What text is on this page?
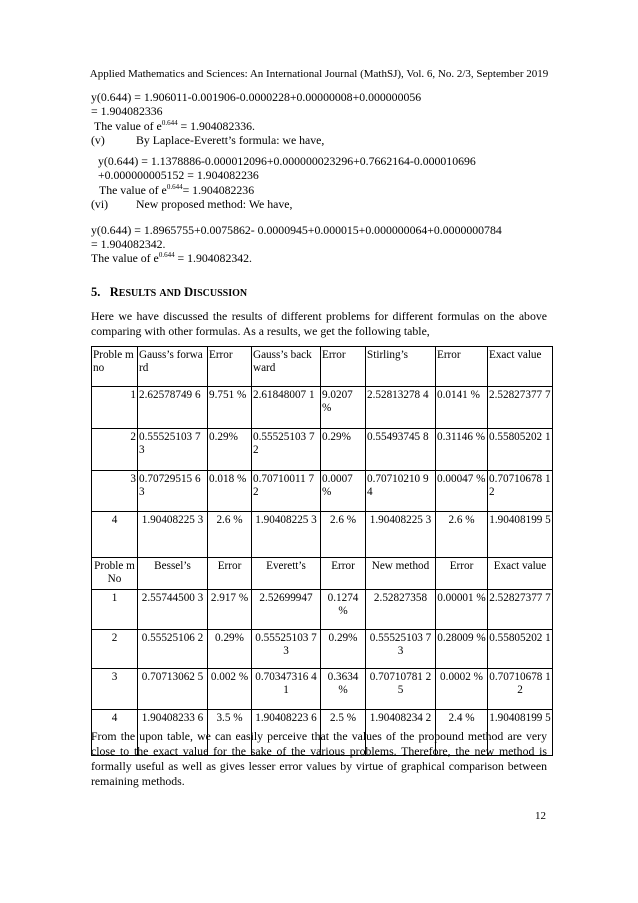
Applied Mathematics and Sciences: An International Journal (MathSJ), Vol. 6, No. 2/3, September 2019
y(0.644) = 1.906011-0.001906-0.0000228+0.00000008+0.000000056
= 1.904082336
The value of $e^{0.644} = 1.904082336$.
(v)	By Laplace-Everett’s formula: we have,
y(0.644) = 1.1378886-0.000012096+0.000000023296+0.7662164-0.000010696
+0.000000005152 = 1.904082236
The value of $e^{0.644}= 1.904082236$
(vi) New proposed method: We have,
y(0.644) = 1.8965755+0.0075862- 0.0000945+0.000015+0.000000064+0.0000000784
= 1.904082342.
The value of $e^{0.644} = 1.904082342$.
5. RESULTS AND DISCUSSION
Here we have discussed the results of different problems for different formulas on the above comparing with other formulas. As a results, we get the following table,
Proble m no	Gauss’s forward	Error	Gauss’s backward	Error	Stirling’s	Error	Exact value
1	2.62578749 6	9.751 %	2.61848007 1	9.0207 %	2.52813278 4	0.0141 %	2.52827377 7
2	0.55525103 73	0.29%	0.55525103 72	0.29%	0.55493745 8	0.31146 %	0.55805202 1
3	0.70729515 63	0.018 %	0.70710011 72	0.0007 %	0.70710210 94	0.00047 %	0.70710678 12
4	1.90408225 3	2.6 %	1.90408225 3	2.6 %	1.90408225 3	2.6 %	1.90408199 5
Proble m No	Bessel’s	Error	Everett’s	Error	New method	Error	Exact value
1	2.55744500 3	2.917 %	2.52699947	0.1274 %	2.52827358	0.00001 %	2.52827377 7
2	0.55525106 2	0.29%	0.55525103 73	0.29%	0.55525103 73	0.28009 %	0.55805202 1
3	0.70713062 5	0.002 %	0.70347316 41	0.3634 %	0.70710781 25	0.0002 %	0.70710678 12
4	1.90408233 6	3.5 %	1.90408223 6	2.5 %	1.90408234 2	2.4 %	1.90408199 5
From the upon table, we can easily perceive that the values of the propound method are very close to the exact value for the sake of the various problems. Therefore, the new method is formally useful as well as gives lesser error values by virtue of graphical comparison between remaining methods.
12
